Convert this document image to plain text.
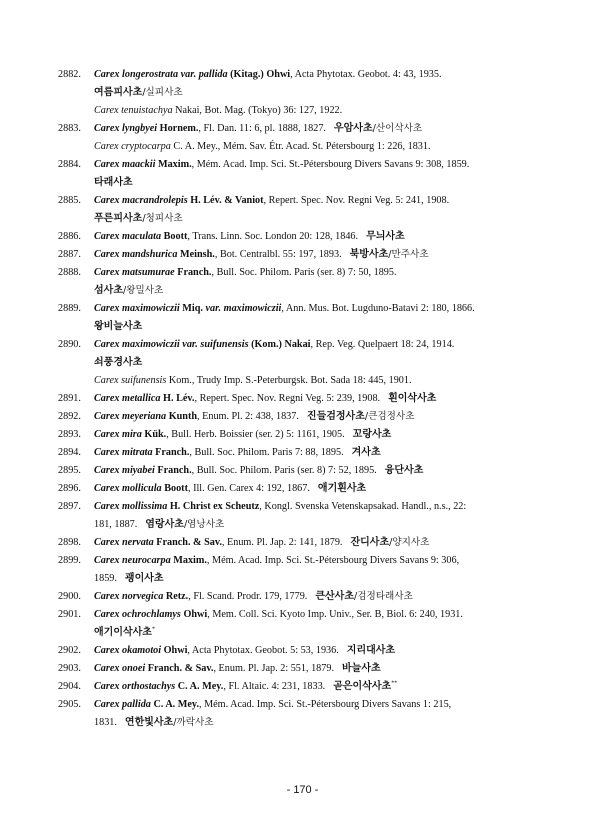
2882.	Carex longerostrata var. pallida (Kitag.) Ohwi, Acta Phytotax. Geobot. 4: 43, 1935.
여름피사초/실피사초
Carex tenuistachya Nakai, Bot. Mag. (Tokyo) 36: 127, 1922.
2883.	Carex lyngbyei Hornem., Fl. Dan. 11: 6, pl. 1888, 1827. 우암사초/산이삭사초
Carex cryptocarpa C. A. Mey., Mém. Sav. Étr. Acad. St. Pétersbourg 1: 226, 1831.
2884.	Carex maackii Maxim., Mém. Acad. Imp. Sci. St.-Pétersbourg Divers Savans 9: 308, 1859.
타래사초
2885.	Carex macrandrolepis H. Lév. & Vaniot, Repert. Spec. Nov. Regni Veg. 5: 241, 1908.
푸른피사초/청피사초
2886.	Carex maculata Boott, Trans. Linn. Soc. London 20: 128, 1846. 무늬사초
2887.	Carex mandshurica Meinsh., Bot. Centralbl. 55: 197, 1893. 북방사초/만주사초
2888.	Carex matsumurae Franch., Bull. Soc. Philom. Paris (ser. 8) 7: 50, 1895.
섬사초/왕밀사초
2889.	Carex maximowiczii Miq. var. maximowiczii, Ann. Mus. Bot. Lugduno-Batavi 2: 180, 1866.
왕비늘사초
2890.	Carex maximowiczii var. suifunensis (Kom.) Nakai, Rep. Veg. Quelpaert 18: 24, 1914.
쇠풍경사초
Carex suifunensis Kom., Trudy Imp. S.-Peterburgsk. Bot. Sada 18: 445, 1901.
2891.	Carex metallica H. Lév., Repert. Spec. Nov. Regni Veg. 5: 239, 1908. 흰이삭사초
2892.	Carex meyeriana Kunth, Enum. Pl. 2: 438, 1837. 진들검정사초/큰검정사초
2893.	Carex mira Kük., Bull. Herb. Boissier (ser. 2) 5: 1161, 1905. 꼬랑사초
2894.	Carex mitrata Franch., Bull. Soc. Philom. Paris 7: 88, 1895. 겨사초
2895.	Carex miyabei Franch., Bull. Soc. Philom. Paris (ser. 8) 7: 52, 1895. 융단사초
2896.	Carex mollicula Boott, Ill. Gen. Carex 4: 192, 1867. 애기흰사초
2897.	Carex mollissima H. Christ ex Scheutz, Kongl. Svenska Vetenskapsakad. Handl., n.s., 22:
181, 1887. 염랑사초/염낭사초
2898.	Carex nervata Franch. & Sav., Enum. Pl. Jap. 2: 141, 1879. 잔디사초/양지사초
2899.	Carex neurocarpa Maxim., Mém. Acad. Imp. Sci. St.-Pétersbourg Divers Savans 9: 306,
1859. 괭이사초
2900.	Carex norvegica Retz., Fl. Scand. Prodr. 179, 1779. 큰산사초/검정타래사초
2901.	Carex ochrochlamys Ohwi, Mem. Coll. Sci. Kyoto Imp. Univ., Ser. B, Biol. 6: 240, 1931.
애기이삭사초*
2902.	Carex okamotoi Ohwi, Acta Phytotax. Geobot. 5: 53, 1936. 지리대사초
2903.	Carex onoei Franch. & Sav., Enum. Pl. Jap. 2: 551, 1879. 바늘사초
2904.	Carex orthostachys C. A. Mey., Fl. Altaic. 4: 231, 1833. 곧은이삭사초**
2905.	Carex pallida C. A. Mey., Mém. Acad. Imp. Sci. St.-Pétersbourg Divers Savans 1: 215,
1831. 연한빛사초/까락사초
- 170 -
